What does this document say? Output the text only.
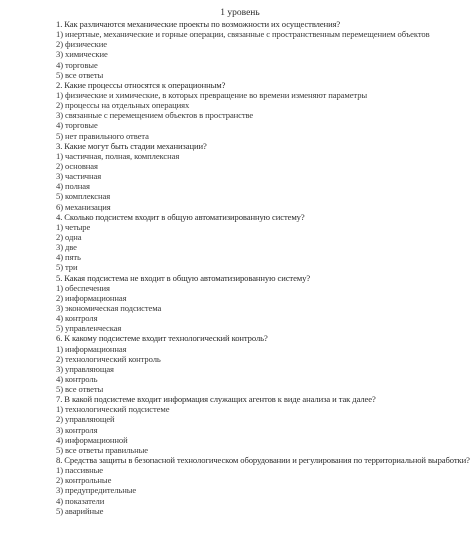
1 уровень
1. Как различаются механические проекты по возможности их осуществления?
1) инертные, механические и горные операции, связанные с пространственным перемещением объектов
2) физические
3) химические
4) торговые
5) все ответы
2. Какие процессы относятся к операционным?
1) физические и химические, в которых превращение во времени изменяют параметры
2) процессы на отдельных операциях
3) связанные с перемещением объектов в пространстве
4) торговые
5) нет правильного ответа
3. Какие могут быть стадии механизации?
1) частичная, полная, комплексная
2) основная
3) частичная
4) полная
5) комплексная
6) механизация
4. Сколько подсистем входит в общую автоматизированную систему?
1) четыре
2) одна
3) две
4) пять
5) три
5. Какая подсистема не входит в общую автоматизированную систему?
1) обеспечения
2) информационная
3) экономическая подсистема
4) контроля
5) управленческая
6. К какому подсистеме входит технологический контроль?
1) информационная
2) технологический контроль
3) управляющая
4) контроль
5) все ответы
7. В какой подсистеме входит информация служащих агентов к виде анализа и так далее?
1) технологический подсистеме
2) управляющей
3) контроля
4) информационной
5) все ответы правильные
8. Средства защиты в безопасной технологическом оборудовании и регулирования по территориальной выработки?
1) пассивные
2) контрольные
3) предупредительные
4) показатели
5) аварийные
